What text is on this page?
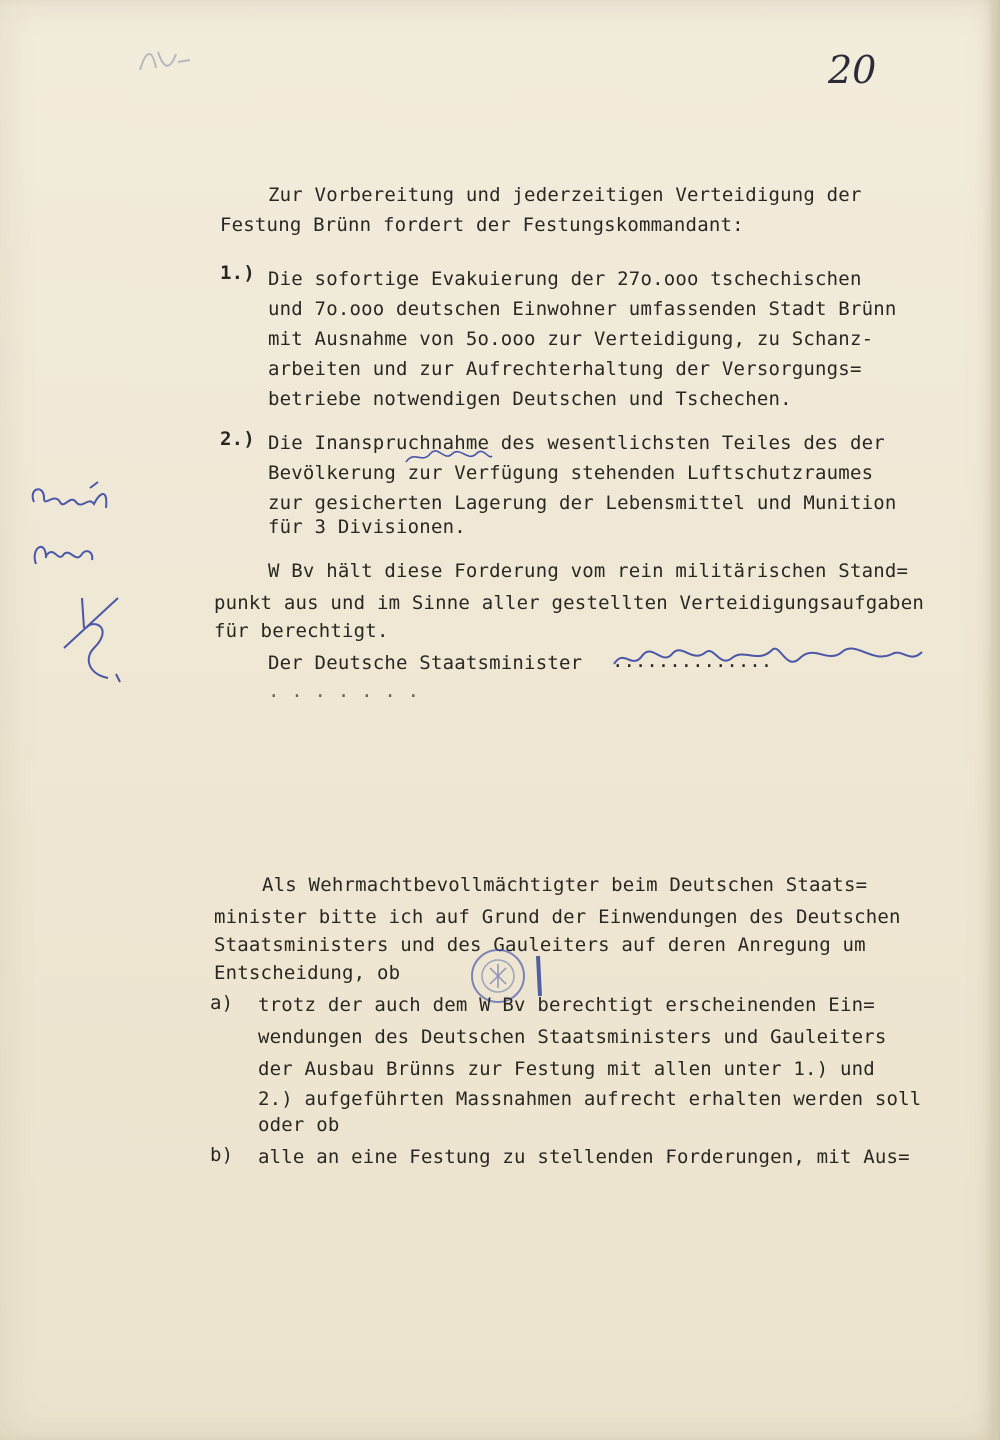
20
Zur Vorbereitung und jederzeitigen Verteidigung der
Festung Brünn fordert der Festungskommandant:
1.) Die sofortige Evakuierung der 27o.ooo tschechischen
und 7o.ooo deutschen Einwohner umfassenden Stadt Brünn
mit Ausnahme von 5o.ooo zur Verteidigung, zu Schanz-
arbeiten und zur Aufrechterhaltung der Versorgungs=
betriebe notwendigen Deutschen und Tschechen.
2.) Die Inanspruchnahme des wesentlichsten Teiles des der
Bevölkerung zur Verfügung stehenden Luftschutzraumes
zur gesicherten Lagerung der Lebensmittel und Munition
für 3 Divisionen.
W Bv hält diese Forderung vom rein militärischen Stand=
punkt aus und im Sinne aller gestellten Verteidigungsaufgaben
für berechtigt.
Der Deutsche Staatsminister ..............
. . . . . . .
Als Wehrmachtbevollmächtigter beim Deutschen Staats=
minister bitte ich auf Grund der Einwendungen des Deutschen
Staatsministers und des Gauleiters auf deren Anregung um
Entscheidung, ob
a) trotz der auch dem W Bv berechtigt erscheinenden Ein=
wendungen des Deutschen Staatsministers und Gauleiters
der Ausbau Brünns zur Festung mit allen unter 1.) und
2.) aufgeführten Massnahmen aufrecht erhalten werden soll
oder ob
b) alle an eine Festung zu stellenden Forderungen, mit Aus=
